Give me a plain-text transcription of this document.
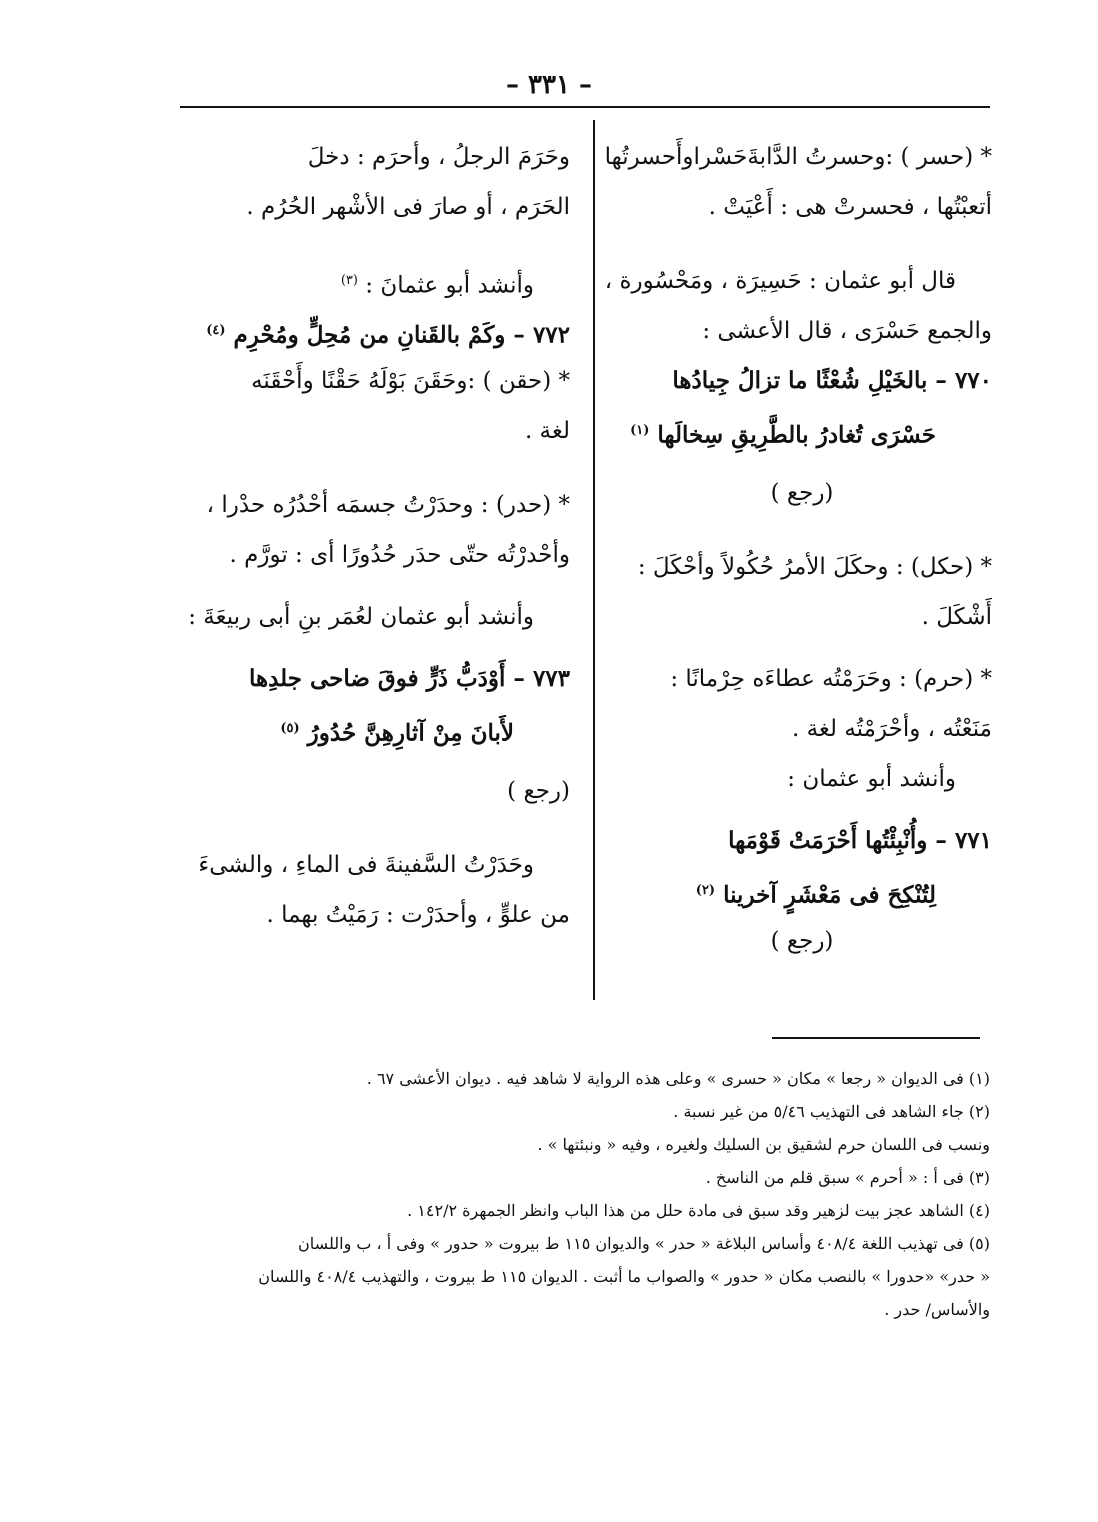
– ٣٣١ –
* (حسر ) :وحسرتُ الدَّابةَحَسْراوأَحسرتُها
أتعبْتُها ، فحسرتْ هى : أَعْيَتْ .
قال أبو عثمان : حَسِيرَة ، ومَحْسُورة ،
والجمع حَسْرَى ، قال الأعشى :
٧٧٠ – بالخَيْلِ شُعْثًا ما تزالُ جِيادُها
حَسْرَى تُغادرُ بالطَّرِيقِ سِخالَها $^{(١)}$
(رجع )
* (حكل) : وحكَلَ الأمرُ حُكُولاً وأحْكَلَ :
أَشْكَلَ .
* (حرم) : وحَرَمْتُه عطاءَه حِرْمانًا :
مَنَعْتُه ، وأحْرَمْتُه لغة .
وأنشد أبو عثمان :
٧٧١ – وأُنْبِئْتُها أَحْرَمَتْ قَوْمَها
لِتُنْكِحَ فى مَعْشَرٍ آخرينا $^{(٢)}$
(رجع )
وحَرَمَ الرجلُ ، وأحرَم : دخلَ
الحَرَم ، أو صارَ فى الأشْهر الحُرُم .
وأنشد أبو عثمانَ : $^{(٣)}$
٧٧٢ – وكَمْ بالقَنانِ من مُحِلٍّ ومُحْرِم $^{(٤)}$
* (حقن ) :وحَقَنَ بَوْلَهُ حَقْنًا وأَحْقَنَه
لغة .
* (حدر) : وحدَرْتُ جسمَه أحْدُرُه حدْرا ،
وأحْدرْتُه حتّى حدَر حُدُورًا أى : تورَّم .
وأنشد أبو عثمان لعُمَر بنِ أبى ربيعَةَ :
٧٧٣ – أَوْدَبُّ ذَرٍّ فوقَ ضاحى جلدِها
لأَبانَ مِنْ آثارِهِنَّ حُدُورُ $^{(٥)}$
(رجع )
وحَدَرْتُ السَّفينةَ فى الماءِ ، والشىءَ
من علوٍّ ، وأحدَرْت : رَمَيْتُ بهما .
(١) فى الديوان « رجعا » مكان « حسرى » وعلى هذه الرواية لا شاهد فيه . ديوان الأعشى ٦٧ .
(٢) جاء الشاهد فى التهذيب ٥/٤٦ من غير نسبة .
ونسب فى اللسان حرم لشقيق بن السليك ولغيره ، وفيه « ونبئتها » .
(٣) فى أ : « أحرم » سبق قلم من الناسخ .
(٤) الشاهد عجز بيت لزهير وقد سبق فى مادة حلل من هذا الباب وانظر الجمهرة ١٤٢/٢ .
(٥) فى تهذيب اللغة ٤٠٨/٤ وأساس البلاغة « حدر » والديوان ١١٥ ط بيروت « حدور » وفى أ ، ب واللسان
« حدر» «حدورا » بالنصب مكان « حدور » والصواب ما أثبت . الديوان ١١٥ ط بيروت ، والتهذيب ٤٠٨/٤ واللسان
والأساس/ حدر .
